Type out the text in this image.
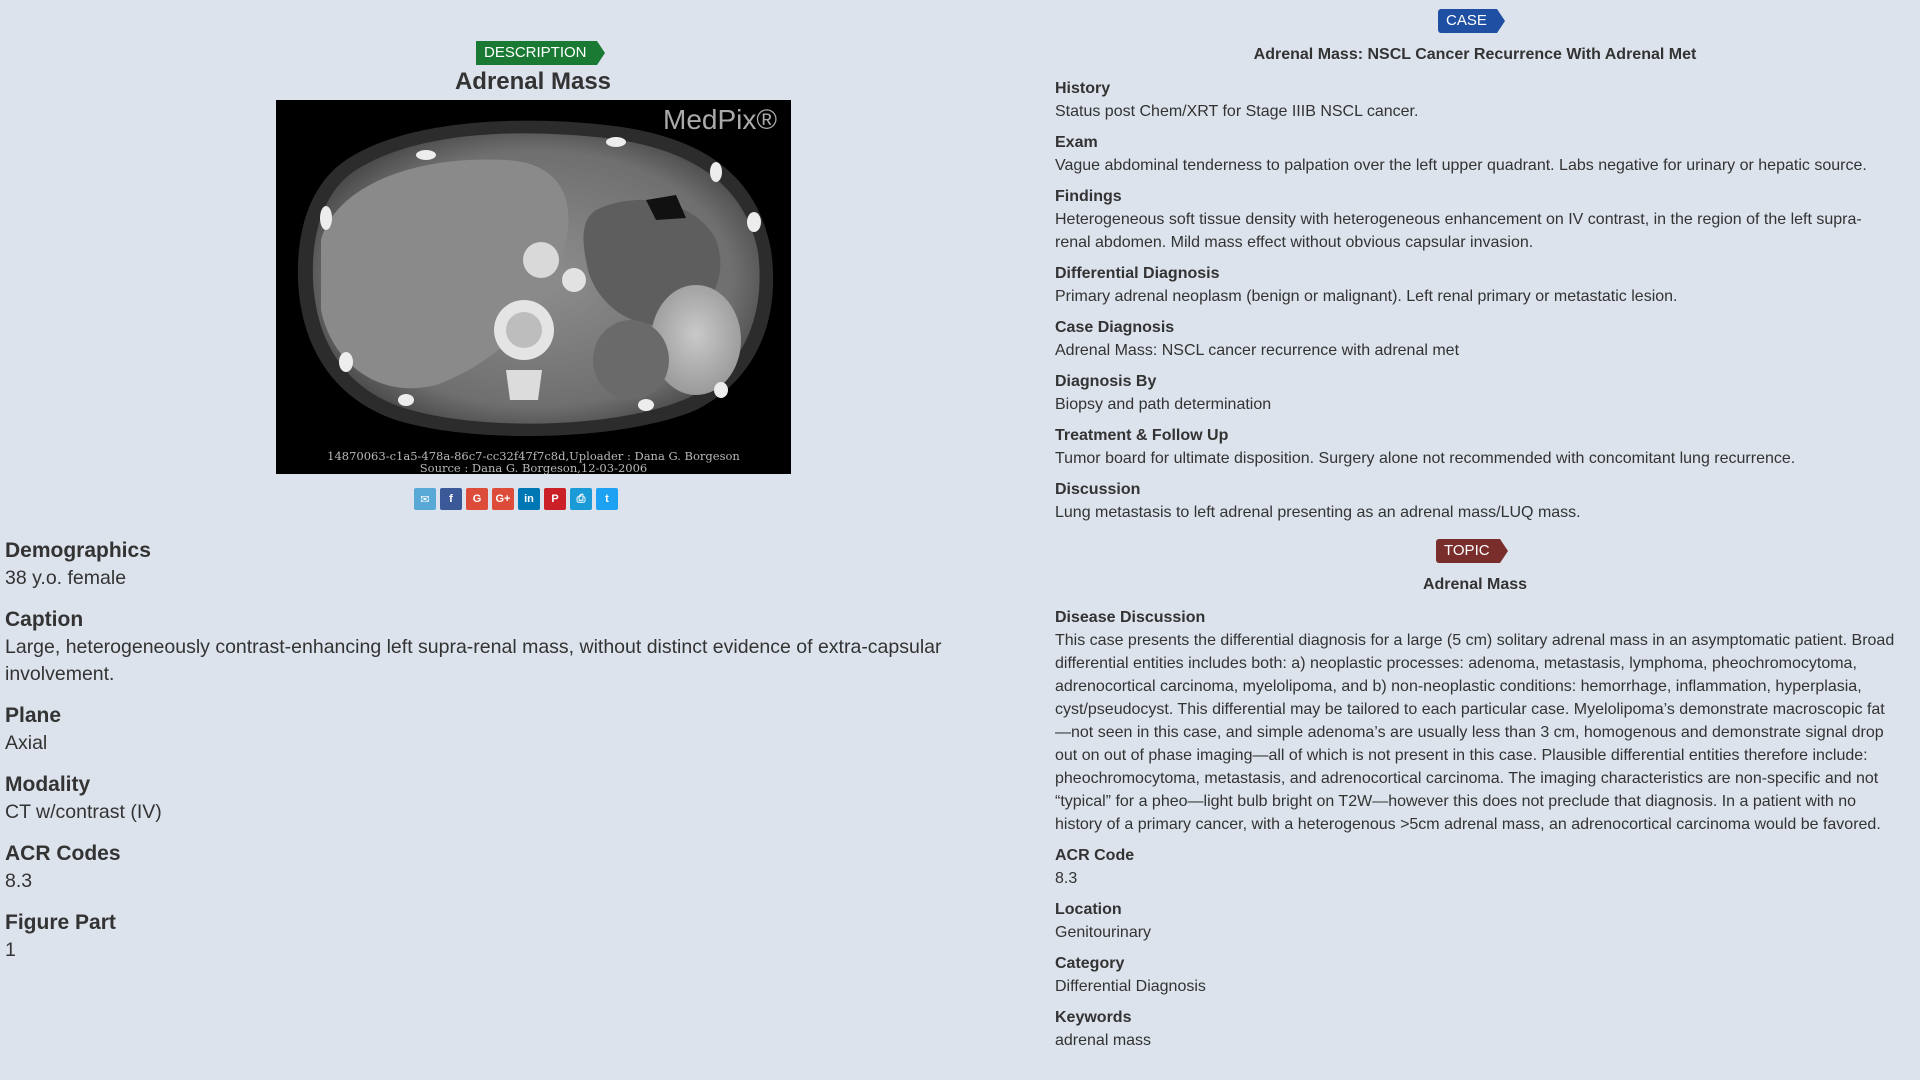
DESCRIPTION
Adrenal Mass
MedPix®
14870063-c1a5-478a-86c7-cc32f47f7c8d,Uploader : Dana G. Borgeson
Source : Dana G. Borgeson,12-03-2006
✉	f	G	G+	in	P	⎙	t
Demographics
38 y.o. female
Caption
Large, heterogeneously contrast-enhancing left supra-renal mass, without distinct evidence of extra-capsular involvement.
Plane
Axial
Modality
CT w/contrast (IV)
ACR Codes
8.3
Figure Part
1
CASE
Adrenal Mass: NSCL Cancer Recurrence With Adrenal Met
History
Status post Chem/XRT for Stage IIIB NSCL cancer.
Exam
Vague abdominal tenderness to palpation over the left upper quadrant. Labs negative for urinary or hepatic source.
Findings
Heterogeneous soft tissue density with heterogeneous enhancement on IV contrast, in the region of the left supra-renal abdomen. Mild mass effect without obvious capsular invasion.
Differential Diagnosis
Primary adrenal neoplasm (benign or malignant). Left renal primary or metastatic lesion.
Case Diagnosis
Adrenal Mass: NSCL cancer recurrence with adrenal met
Diagnosis By
Biopsy and path determination
Treatment & Follow Up
Tumor board for ultimate disposition. Surgery alone not recommended with concomitant lung recurrence.
Discussion
Lung metastasis to left adrenal presenting as an adrenal mass/LUQ mass.
TOPIC
Adrenal Mass
Disease Discussion
This case presents the differential diagnosis for a large (5 cm) solitary adrenal mass in an asymptomatic patient. Broad differential entities includes both: a) neoplastic processes: adenoma, metastasis, lymphoma, pheochromocytoma, adrenocortical carcinoma, myelolipoma, and b) non-neoplastic conditions: hemorrhage, inflammation, hyperplasia, cyst/pseudocyst. This differential may be tailored to each particular case. Myelolipoma’s demonstrate macroscopic fat—not seen in this case, and simple adenoma’s are usually less than 3 cm, homogenous and demonstrate signal drop out on out of phase imaging—all of which is not present in this case. Plausible differential entities therefore include: pheochromocytoma, metastasis, and adrenocortical carcinoma. The imaging characteristics are non-specific and not “typical” for a pheo—light bulb bright on T2W—however this does not preclude that diagnosis. In a patient with no history of a primary cancer, with a heterogenous >5cm adrenal mass, an adrenocortical carcinoma would be favored.
ACR Code
8.3
Location
Genitourinary
Category
Differential Diagnosis
Keywords
adrenal mass
